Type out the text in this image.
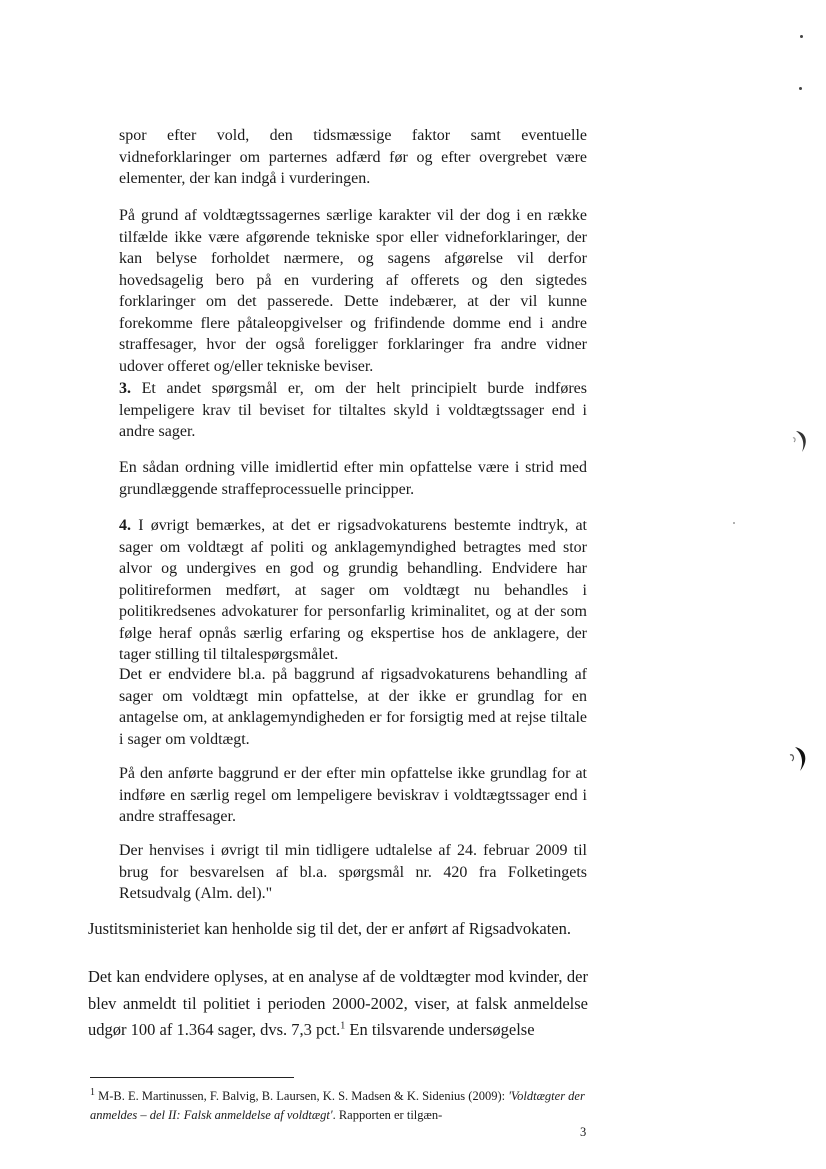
spor efter vold, den tidsmæssige faktor samt eventuelle vidneforklaringer om parternes adfærd før og efter overgrebet være elementer, der kan indgå i vurderingen.

På grund af voldtægtssagernes særlige karakter vil der dog i en række tilfælde ikke være afgørende tekniske spor eller vidneforklaringer, der kan belyse forholdet nærmere, og sagens afgørelse vil derfor hovedsagelig bero på en vurdering af offerets og den sigtedes forklaringer om det passerede. Dette indebærer, at der vil kunne forekomme flere påtaleopgivelser og frifindende domme end i andre straffesager, hvor der også foreligger forklaringer fra andre vidner udover offeret og/eller tekniske beviser.

3. Et andet spørgsmål er, om der helt principielt burde indføres lempeligere krav til beviset for tiltaltes skyld i voldtægtssager end i andre sager.

En sådan ordning ville imidlertid efter min opfattelse være i strid med grundlæggende straffeprocessuelle principper.

4. I øvrigt bemærkes, at det er rigsadvokaturens bestemte indtryk, at sager om voldtægt af politi og anklagemyndighed betragtes med stor alvor og undergives en god og grundig behandling. Endvidere har politireformen medført, at sager om voldtægt nu behandles i politikredsenes advokaturer for personfarlig kriminalitet, og at der som følge heraf opnås særlig erfaring og ekspertise hos de anklagere, der tager stilling til tiltalespørgsmålet.

Det er endvidere bl.a. på baggrund af rigsadvokaturens behandling af sager om voldtægt min opfattelse, at der ikke er grundlag for en antagelse om, at anklagemyndigheden er for forsigtig med at rejse tiltale i sager om voldtægt.

På den anførte baggrund er der efter min opfattelse ikke grundlag for at indføre en særlig regel om lempeligere beviskrav i voldtægtssager end i andre straffesager.

Der henvises i øvrigt til min tidligere udtalelse af 24. februar 2009 til brug for besvarelsen af bl.a. spørgsmål nr. 420 fra Folketingets Retsudvalg (Alm. del)."

Justitsministeriet kan henholde sig til det, der er anført af Rigsadvokaten.

Det kan endvidere oplyses, at en analyse af de voldtægter mod kvinder, der blev anmeldt til politiet i perioden 2000-2002, viser, at falsk anmeldelse udgør 100 af 1.364 sager, dvs. 7,3 pct.$^1$ En tilsvarende undersøgelse

$^1$ M-B. E. Martinussen, F. Balvig, B. Laursen, K. S. Madsen & K. Sidenius (2009): 'Voldtægter der anmeldes – del II: Falsk anmeldelse af voldtægt'. Rapporten er tilgæn-
3
